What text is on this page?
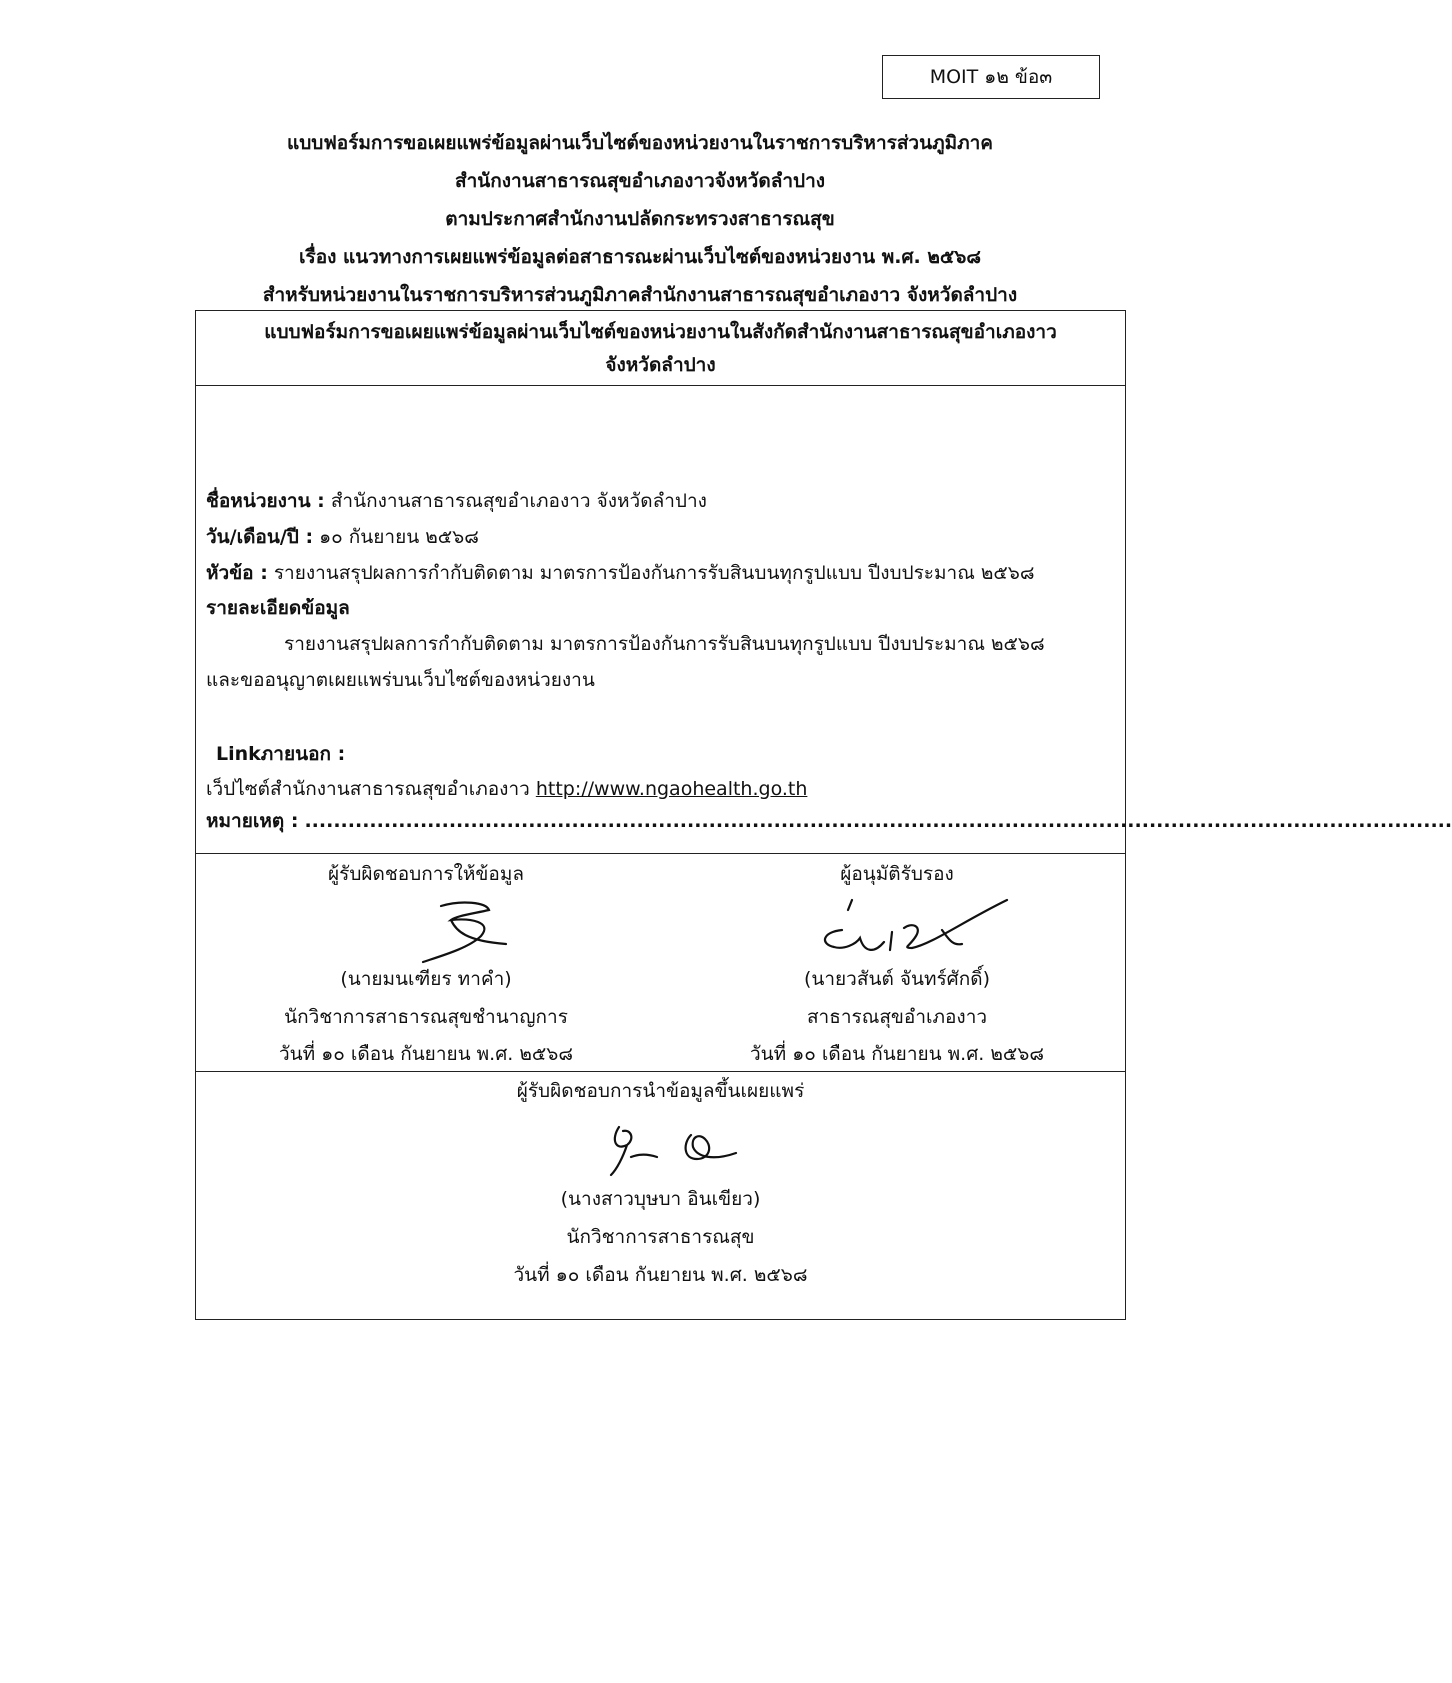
MOIT ๑๒ ข้อ๓
แบบฟอร์มการขอเผยแพร่ข้อมูลผ่านเว็บไซต์ของหน่วยงานในราชการบริหารส่วนภูมิภาค
สำนักงานสาธารณสุขอำเภองาวจังหวัดลำปาง
ตามประกาศสำนักงานปลัดกระทรวงสาธารณสุข
เรื่อง แนวทางการเผยแพร่ข้อมูลต่อสาธารณะผ่านเว็บไซต์ของหน่วยงาน พ.ศ. ๒๕๖๘
สำหรับหน่วยงานในราชการบริหารส่วนภูมิภาคสำนักงานสาธารณสุขอำเภองาว จังหวัดลำปาง
แบบฟอร์มการขอเผยแพร่ข้อมูลผ่านเว็บไซต์ของหน่วยงานในสังกัดสำนักงานสาธารณสุขอำเภองาว
จังหวัดลำปาง
ชื่อหน่วยงาน : สำนักงานสาธารณสุขอำเภองาว จังหวัดลำปาง
วัน/เดือน/ปี : ๑๐ กันยายน ๒๕๖๘
หัวข้อ : รายงานสรุปผลการกำกับติดตาม มาตรการป้องกันการรับสินบนทุกรูปแบบ ปีงบประมาณ ๒๕๖๘
รายละเอียดข้อมูล
รายงานสรุปผลการกำกับติดตาม มาตรการป้องกันการรับสินบนทุกรูปแบบ ปีงบประมาณ ๒๕๖๘
และขออนุญาตเผยแพร่บนเว็บไซต์ของหน่วยงาน
Linkภายนอก :
เว็ปไซต์สำนักงานสาธารณสุขอำเภองาว http://www.ngaohealth.go.th
หมายเหตุ : ...............................................................................................................................................................
ผู้รับผิดชอบการให้ข้อมูล
(นายมนเฑียร ทาคำ)
นักวิชาการสาธารณสุขชำนาญการ
วันที่ ๑๐ เดือน กันยายน พ.ศ. ๒๕๖๘
ผู้อนุมัติรับรอง
(นายวสันต์ จันทร์ศักดิ์)
สาธารณสุขอำเภองาว
วันที่ ๑๐ เดือน กันยายน พ.ศ. ๒๕๖๘
ผู้รับผิดชอบการนำข้อมูลขึ้นเผยแพร่
(นางสาวบุษบา อินเขียว)
นักวิชาการสาธารณสุข
วันที่ ๑๐ เดือน กันยายน พ.ศ. ๒๕๖๘
